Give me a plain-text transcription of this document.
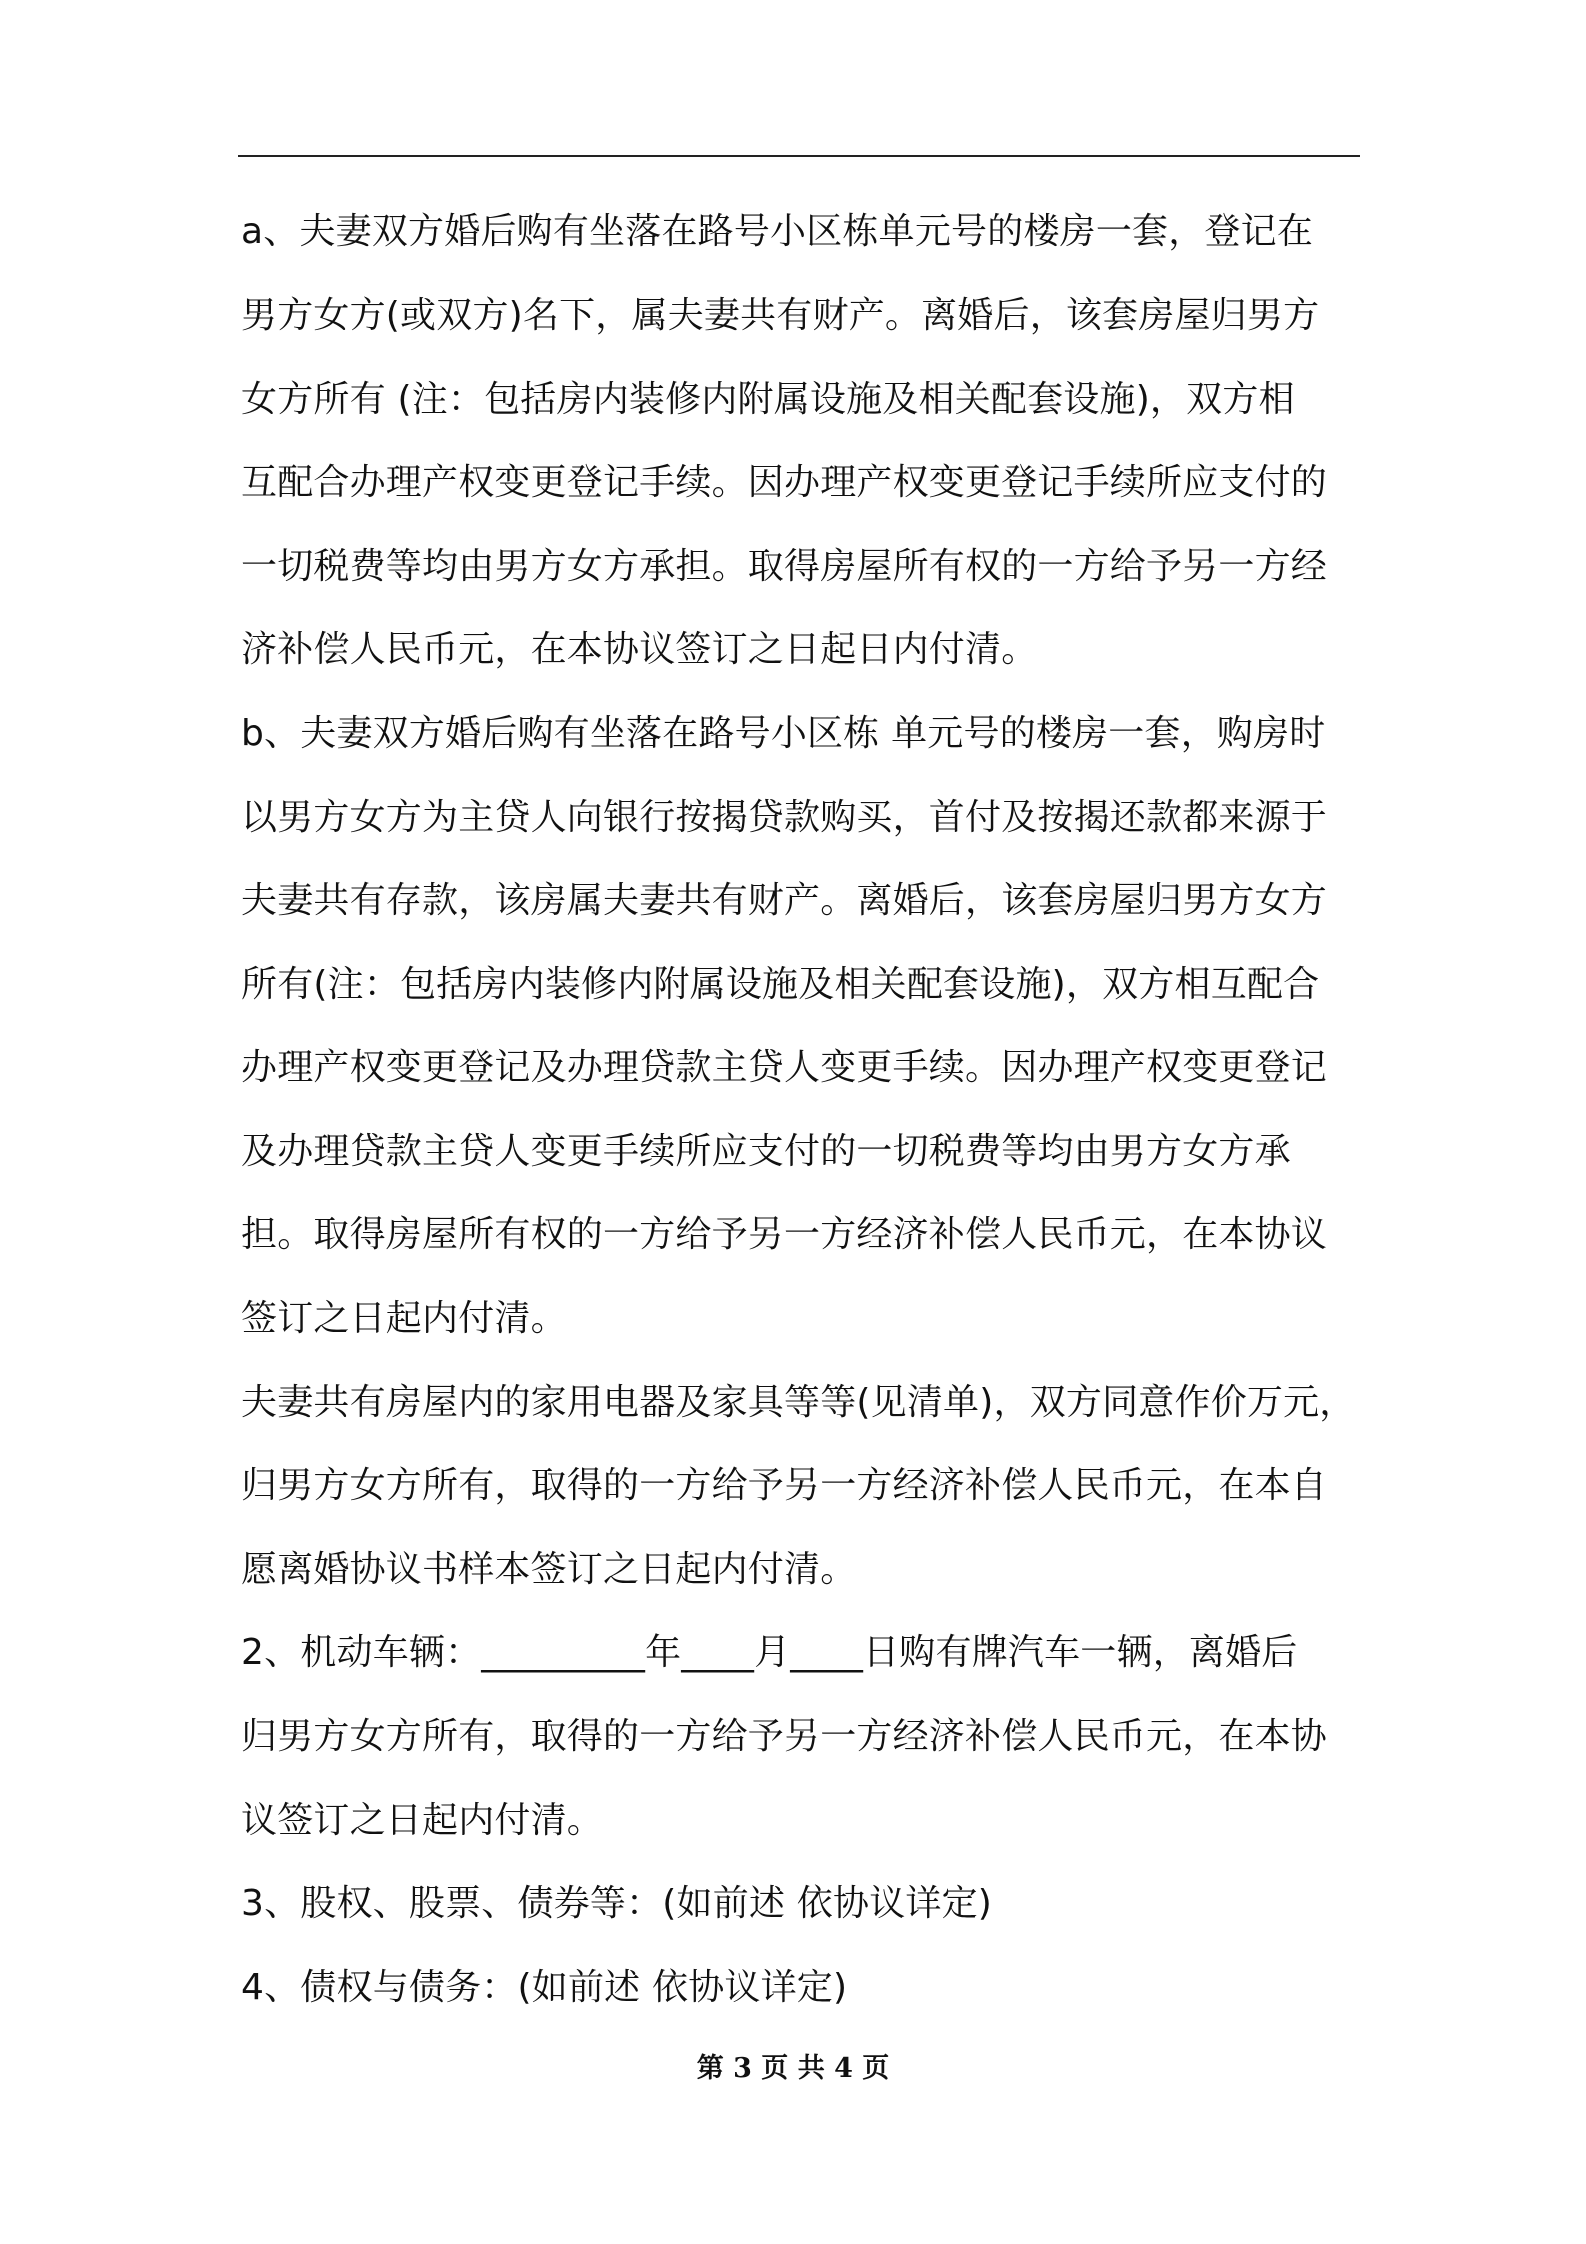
a、夫妻双方婚后购有坐落在路号小区栋单元号的楼房一套，登记在

男方女方(或双方)名下，属夫妻共有财产。离婚后，该套房屋归男方

女方所有 (注：包括房内装修内附属设施及相关配套设施)，双方相

互配合办理产权变更登记手续。因办理产权变更登记手续所应支付的

一切税费等均由男方女方承担。取得房屋所有权的一方给予另一方经

济补偿人民币元，在本协议签订之日起日内付清。

b、夫妻双方婚后购有坐落在路号小区栋 单元号的楼房一套，购房时

以男方女方为主贷人向银行按揭贷款购买，首付及按揭还款都来源于

夫妻共有存款，该房属夫妻共有财产。离婚后，该套房屋归男方女方

所有(注：包括房内装修内附属设施及相关配套设施)，双方相互配合

办理产权变更登记及办理贷款主贷人变更手续。因办理产权变更登记

及办理贷款主贷人变更手续所应支付的一切税费等均由男方女方承

担。取得房屋所有权的一方给予另一方经济补偿人民币元，在本协议

签订之日起内付清。

夫妻共有房屋内的家用电器及家具等等(见清单)，双方同意作价万元，

归男方女方所有，取得的一方给予另一方经济补偿人民币元，在本自

愿离婚协议书样本签订之日起内付清。

2、机动车辆：_________年____月____日购有牌汽车一辆，离婚后

归男方女方所有，取得的一方给予另一方经济补偿人民币元，在本协

议签订之日起内付清。

3、股权、股票、债券等：(如前述 依协议详定)

4、债权与债务：(如前述 依协议详定)

第 3 页 共 4 页
